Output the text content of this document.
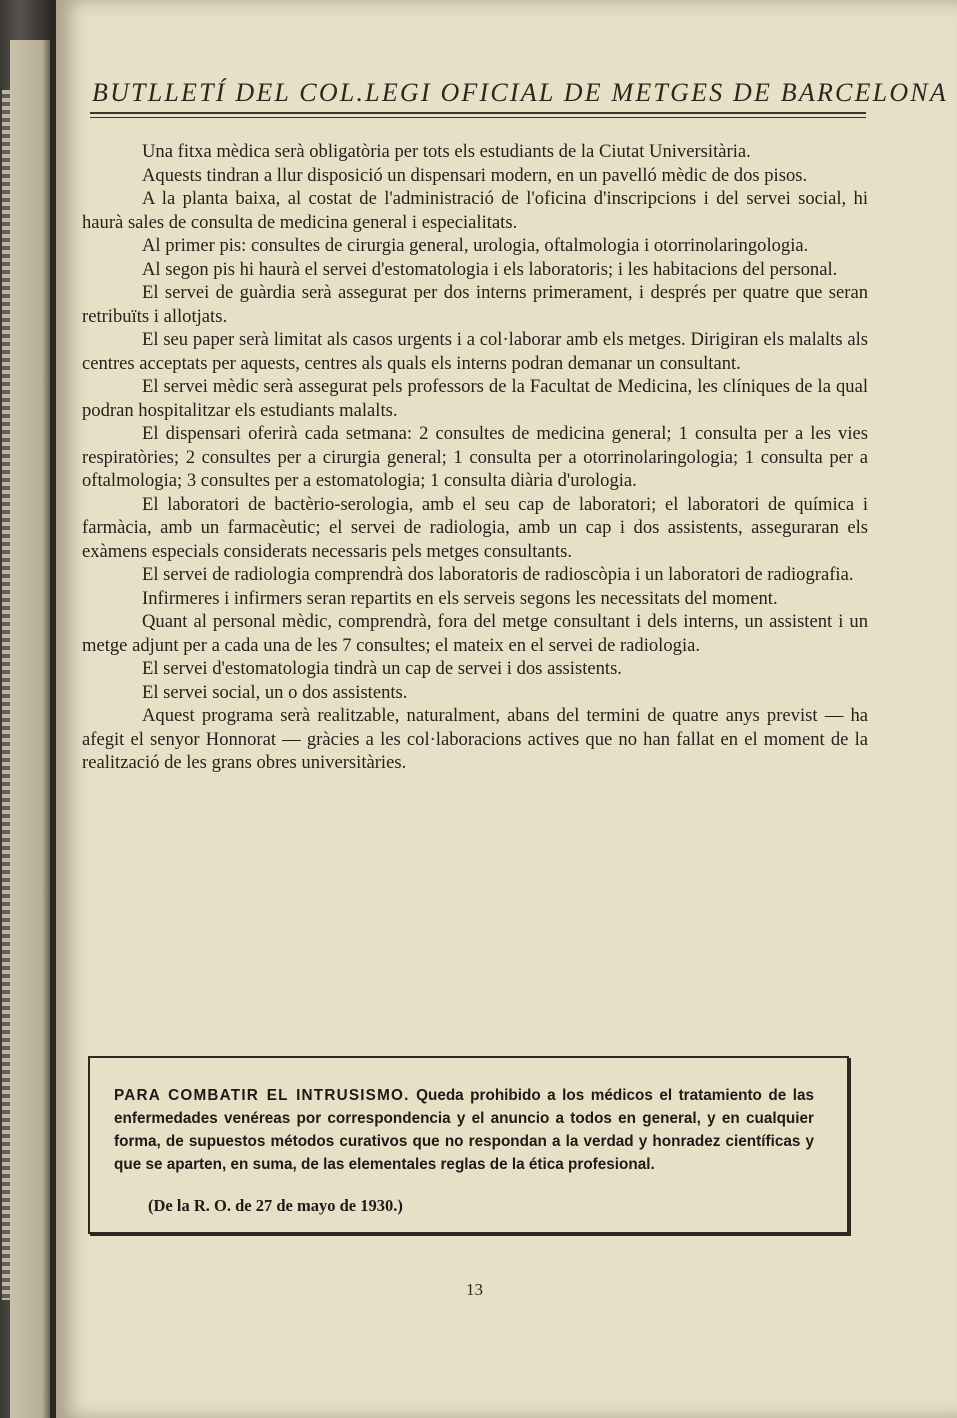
BUTLLETÍ DEL COL.LEGI OFICIAL DE METGES DE BARCELONA

Una fitxa mèdica serà obligatòria per tots els estudiants de la Ciutat Universitària.

Aquests tindran a llur disposició un dispensari modern, en un pavelló mèdic de dos pisos.

A la planta baixa, al costat de l'administració de l'oficina d'inscripcions i del servei social, hi haurà sales de consulta de medicina general i especialitats.

Al primer pis: consultes de cirurgia general, urologia, oftalmologia i otorrinolaringologia.

Al segon pis hi haurà el servei d'estomatologia i els laboratoris; i les habitacions del personal.

El servei de guàrdia serà assegurat per dos interns primerament, i després per quatre que seran retribuïts i allotjats.

El seu paper serà limitat als casos urgents i a col·laborar amb els metges. Dirigiran els malalts als centres acceptats per aquests, centres als quals els interns podran demanar un consultant.

El servei mèdic serà assegurat pels professors de la Facultat de Medicina, les clíniques de la qual podran hospitalitzar els estudiants malalts.

El dispensari oferirà cada setmana: 2 consultes de medicina general; 1 consulta per a les vies respiratòries; 2 consultes per a cirurgia general; 1 consulta per a otorrinolaringologia; 1 consulta per a oftalmologia; 3 consultes per a estomatologia; 1 consulta diària d'urologia.

El laboratori de bactèrio-serologia, amb el seu cap de laboratori; el laboratori de química i farmàcia, amb un farmacèutic; el servei de radiologia, amb un cap i dos assistents, asseguraran els exàmens especials considerats necessaris pels metges consultants.

El servei de radiologia comprendrà dos laboratoris de radioscòpia i un laboratori de radiografia.

Infirmeres i infirmers seran repartits en els serveis segons les necessitats del moment.

Quant al personal mèdic, comprendrà, fora del metge consultant i dels interns, un assistent i un metge adjunt per a cada una de les 7 consultes; el mateix en el servei de radiologia.

El servei d'estomatologia tindrà un cap de servei i dos assistents.

El servei social, un o dos assistents.

Aquest programa serà realitzable, naturalment, abans del termini de quatre anys previst — ha afegit el senyor Honnorat — gràcies a les col·laboracions actives que no han fallat en el moment de la realització de les grans obres universitàries.

PARA COMBATIR EL INTRUSISMO. Queda prohibido a los médicos el tratamiento de las enfermedades venéreas por correspondencia y el anuncio a todos en general, y en cualquier forma, de supuestos métodos curativos que no respondan a la verdad y honradez científicas y que se aparten, en suma, de las elementales reglas de la ética profesional.
(De la R. O. de 27 de mayo de 1930.)
13
